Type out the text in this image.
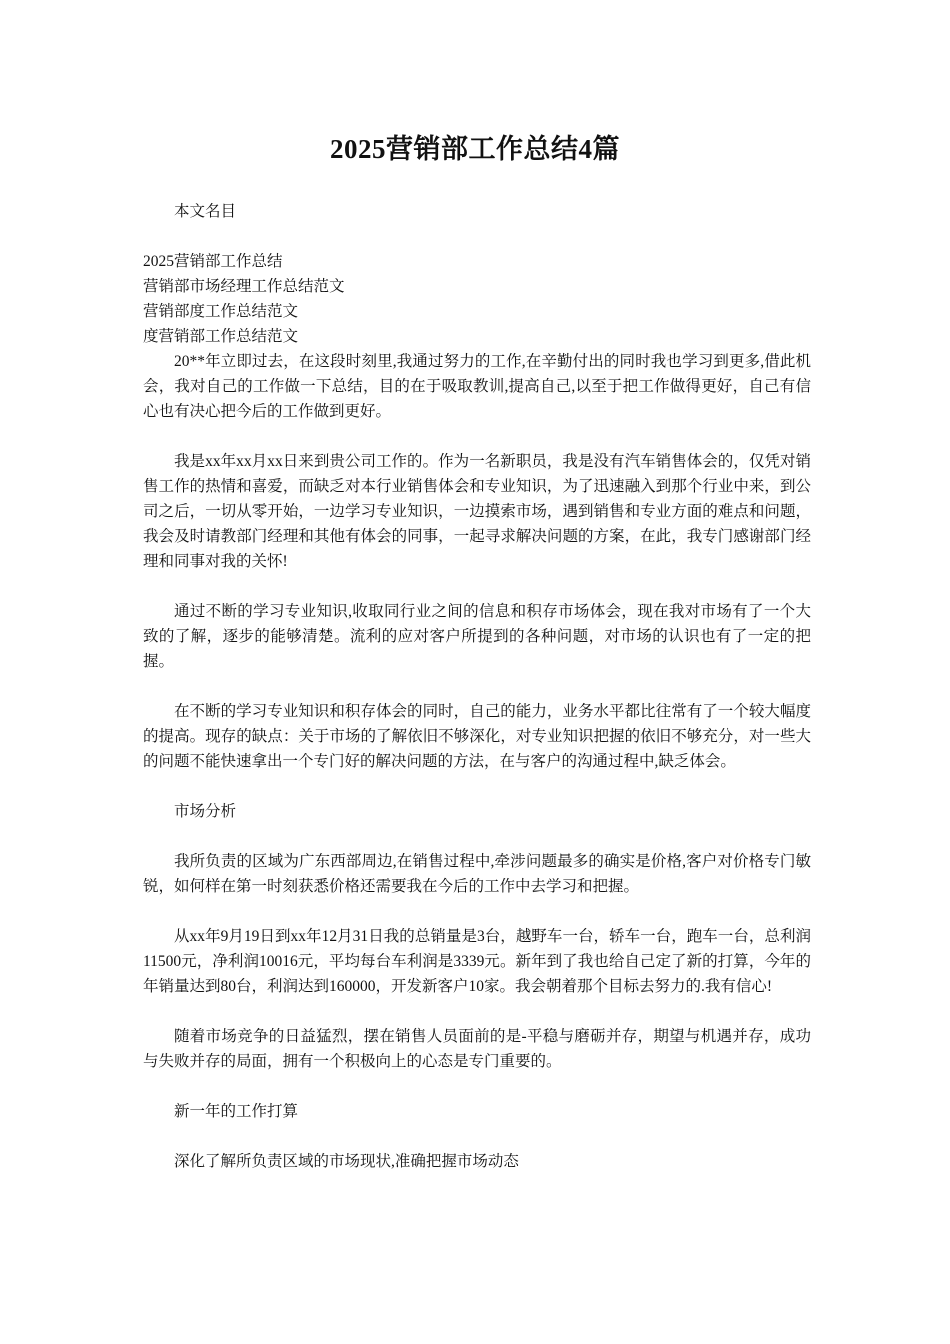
2025营销部工作总结4篇

本文名目

2025营销部工作总结

营销部市场经理工作总结范文

营销部度工作总结范文

度营销部工作总结范文

20**年立即过去，在这段时刻里,我通过努力的工作,在辛勤付出的同时我也学习到更多,借此机会，我对自己的工作做一下总结，目的在于吸取教训,提高自己,以至于把工作做得更好，自己有信心也有决心把今后的工作做到更好。

我是xx年xx月xx日来到贵公司工作的。作为一名新职员，我是没有汽车销售体会的，仅凭对销售工作的热情和喜爱，而缺乏对本行业销售体会和专业知识，为了迅速融入到那个行业中来，到公司之后，一切从零开始，一边学习专业知识，一边摸索市场，遇到销售和专业方面的难点和问题，我会及时请教部门经理和其他有体会的同事，一起寻求解决问题的方案，在此，我专门感谢部门经理和同事对我的关怀!

通过不断的学习专业知识,收取同行业之间的信息和积存市场体会，现在我对市场有了一个大致的了解，逐步的能够清楚。流利的应对客户所提到的各种问题，对市场的认识也有了一定的把握。

在不断的学习专业知识和积存体会的同时，自己的能力，业务水平都比往常有了一个较大幅度的提高。现存的缺点：关于市场的了解依旧不够深化，对专业知识把握的依旧不够充分，对一些大的问题不能快速拿出一个专门好的解决问题的方法，在与客户的沟通过程中,缺乏体会。

市场分析

我所负责的区域为广东西部周边,在销售过程中,牵涉问题最多的确实是价格,客户对价格专门敏锐，如何样在第一时刻获悉价格还需要我在今后的工作中去学习和把握。

从xx年9月19日到xx年12月31日我的总销量是3台，越野车一台，轿车一台，跑车一台，总利润11500元，净利润10016元，平均每台车利润是3339元。新年到了我也给自己定了新的打算，今年的年销量达到80台，利润达到160000，开发新客户10家。我会朝着那个目标去努力的.我有信心!

随着市场竞争的日益猛烈，摆在销售人员面前的是-平稳与磨砺并存，期望与机遇并存，成功与失败并存的局面，拥有一个积极向上的心态是专门重要的。

新一年的工作打算

深化了解所负责区域的市场现状,准确把握市场动态
